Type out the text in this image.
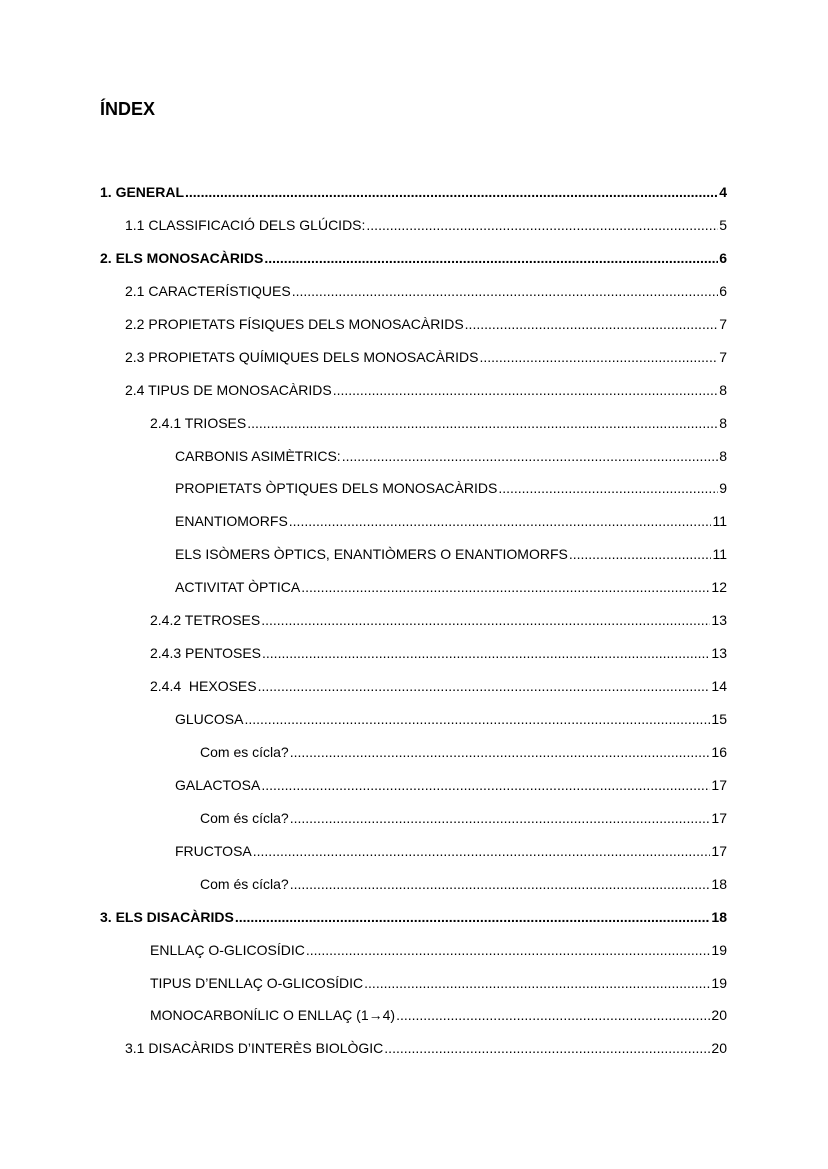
ÍNDEX
1. GENERAL .....	4
1.1 CLASSIFICACIÓ DELS GLÚCIDS: .....	5
2. ELS MONOSACÀRIDS .....	6
2.1 CARACTERÍSTIQUES .....	6
2.2 PROPIETATS FÍSIQUES DELS MONOSACÀRIDS .....	7
2.3 PROPIETATS QUÍMIQUES DELS MONOSACÀRIDS .....	7
2.4 TIPUS DE MONOSACÀRIDS .....	8
2.4.1 TRIOSES .....	8
CARBONIS ASIMÈTRICS: .....	8
PROPIETATS ÒPTIQUES DELS MONOSACÀRIDS .....	9
ENANTIOMORFS .....	11
ELS ISÒMERS ÒPTICS, ENANTIÒMERS O ENANTIOMORFS .....	11
ACTIVITAT ÒPTICA .....	12
2.4.2 TETROSES .....	13
2.4.3 PENTOSES .....	13
2.4.4  HEXOSES .....	14
GLUCOSA .....	15
Com es cícla? .....	16
GALACTOSA .....	17
Com és cícla? .....	17
FRUCTOSA .....	17
Com és cícla? .....	18
3. ELS DISACÀRIDS .....	18
ENLLAÇ O-GLICOSÍDIC .....	19
TIPUS D’ENLLAÇ O-GLICOSÍDIC .....	19
MONOCARBONÍLIC O ENLLAÇ (1→4) .....	20
3.1 DISACÀRIDS D’INTERÈS BIOLÒGIC .....	20
